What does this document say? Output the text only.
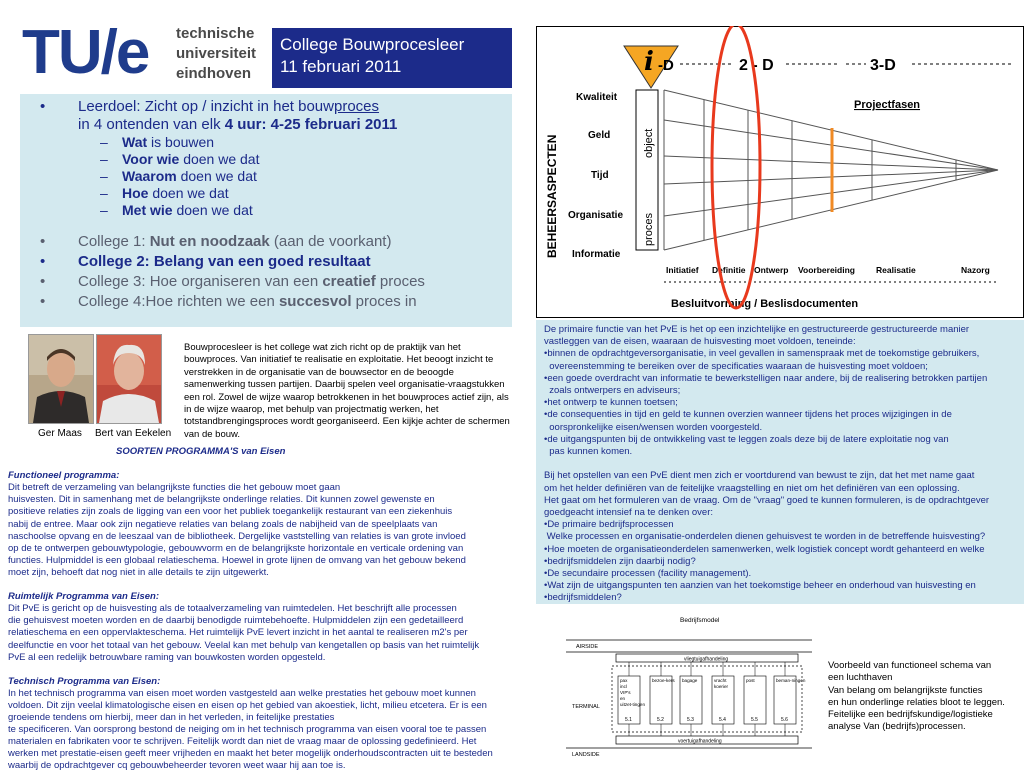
TU/e technische
universiteit
eindhoven
College Bouwprocesleer
11 februari 2011
• Leerdoel: Zicht op / inzicht in het bouwproces
in 4 ontenden van elk 4 uur: 4-25 februari 2011
– Wat is bouwen
– Voor wie doen we dat
– Waarom doen we dat
– Hoe doen we dat
– Met wie doen we dat
• College 1: Nut en noodzaak (aan de voorkant)
• College 2: Belang van een goed resultaat
• College 3: Hoe organiseren van een creatief proces
• College 4:Hoe richten we een succesvol proces in
i -D	2 - D	3-D
BEHEERSASPECTEN
Kwaliteit
Geld
Tijd
Organisatie
Informatie
object
proces
Projectfasen
Initiatief Definitie Ontwerp Voorbereiding Realisatie	Nazorg
Besluitvorming / Beslisdocumenten
Ger Maas Bert van Eekelen
Bouwprocesleer is het college wat zich richt op de praktijk van het bouwproces. Van initiatief te realisatie en exploitatie. Het beoogt inzicht te verstrekken in de organisatie van de bouwsector en de beoogde samenwerking tussen partijen. Daarbij spelen veel organisatie-vraagstukken een rol. Zowel de wijze waarop betrokkenen in het bouwproces actief zijn, als in de wijze waarop, met behulp van projectmatig werken, het totstandbrengingsproces wordt georganiseerd. Een kijkje achter de schermen van de bouw.

SOORTEN PROGRAMMA'S van Eisen

Functioneel programma:

Dit betreft de verzameling van belangrijkste functies die het gebouw moet gaan
huisvesten. Dit in samenhang met de belangrijkste onderlinge relaties. Dit kunnen zowel gewenste en
positieve relaties zijn zoals de ligging van een voor het publiek toegankelijk restaurant van een ziekenhuis
nabij de entree. Maar ook zijn negatieve relaties van belang zoals de nabijheid van de speelplaats van
naschoolse opvang en de leeszaal van de bibliotheek. Dergelijke vaststelling van relaties is van grote invloed
op de te ontwerpen gebouwtypologie, gebouwvorm en de belangrijkste horizontale en verticale ordening van
functies. Hulpmiddel is een globaal relatieschema. Hoewel in grote lijnen de omvang van het gebouw bekend
moet zijn, behoeft dat nog niet in alle details te zijn uitgewerkt.

Ruimtelijk Programma van Eisen:

Dit PvE is gericht op de huisvesting als de totaalverzameling van ruimtedelen. Het beschrijft alle processen
die gehuisvest moeten worden en de daarbij benodigde ruimtebehoefte. Hulpmiddelen zijn een gedetailleerd
relatieschema en een oppervlakteschema. Het ruimtelijk PvE levert inzicht in het aantal te realiseren m2's per
deelfunctie en voor het totaal van het gebouw. Veelal kan met behulp van kengetallen op basis van het ruimtelijk
PvE al een redelijk betrouwbare raming van bouwkosten worden opgesteld.

Technisch Programma van Eisen:

In het technisch programma van eisen moet worden vastgesteld aan welke prestaties het gebouw moet kunnen
voldoen. Dit zijn veelal klimatologische eisen en eisen op het gebied van akoestiek, licht, milieu etcetera. Er is een
groeiende tendens om hierbij, meer dan in het verleden, in feitelijke prestaties
te specificeren. Van oorsprong bestond de neiging om in het technisch programma van eisen vooral toe te passen
materialen en fabrikaten voor te schrijven. Feitelijk wordt dan niet de vraag maar de oplossing gedefinieerd. Het
werken met prestatie-eisen geeft meer vrijheden en maakt het beter mogelijk onderhoudscontracten uit te besteden
waarbij de opdrachtgever cq gebouwbeheerder tevoren weet waar hij aan toe is.
De primaire functie van het PvE is het op een inzichtelijke en gestructureerde gestructureerde manier
vastleggen van de eisen, waaraan de huisvesting moet voldoen, teneinde:
•binnen de opdrachtgeversorganisatie, in veel gevallen in samenspraak met de toekomstige gebruikers,
overeenstemming te bereiken over de specificaties waaraan de huisvesting moet voldoen;
•een goede overdracht van informatie te bewerkstelligen naar andere, bij de realisering betrokken partijen
zoals ontwerpers en adviseurs;
•het ontwerp te kunnen toetsen;
•de consequenties in tijd en geld te kunnen overzien wanneer tijdens het proces wijzigingen in de
oorspronkelijke eisen/wensen worden voorgesteld.
•de uitgangspunten bij de ontwikkeling vast te leggen zoals deze bij de latere exploitatie nog van
pas kunnen komen.

Bij het opstellen van een PvE dient men zich er voortdurend van bewust te zijn, dat het met name gaat
om het helder definiëren van de feitelijke vraagstelling en niet om het definiëren van een oplossing.
Het gaat om het formuleren van de vraag. Om de "vraag" goed te kunnen formuleren, is de opdrachtgever
goedgeacht intensief na te denken over:
•De primaire bedrijfsprocessen
Welke processen en organisatie-onderdelen dienen gehuisvest te worden in de betreffende huisvesting?
•Hoe moeten de organisatieonderdelen samenwerken, welk logistiek concept wordt gehanteerd en welke
•bedrijfsmiddelen zijn daarbij nodig?
•De secundaire processen (facility management).
•Wat zijn de uitgangspunten ten aanzien van het toekomstige beheer en onderhoud van huisvesting en
•bedrijfsmiddelen?
Bedrijfsmodel
AIRSIDE
TERMINAL
LANDSIDE
vliegtuigafhandeling
voertuigafhandeling
pax
incl
VIP's
en
uitzet-tingen
5.1
bezoe-kers
5.2
bagage
5.3
vracht
koerier
5.4
post
5.5
beman-ningen
5.6
Voorbeeld van functioneel schema van
een luchthaven
Van belang om belangrijkste functies
en hun onderlinge relaties bloot te leggen.
Feitelijke een bedrijfskundige/logistieke
analyse Van (bedrijfs)processen.
